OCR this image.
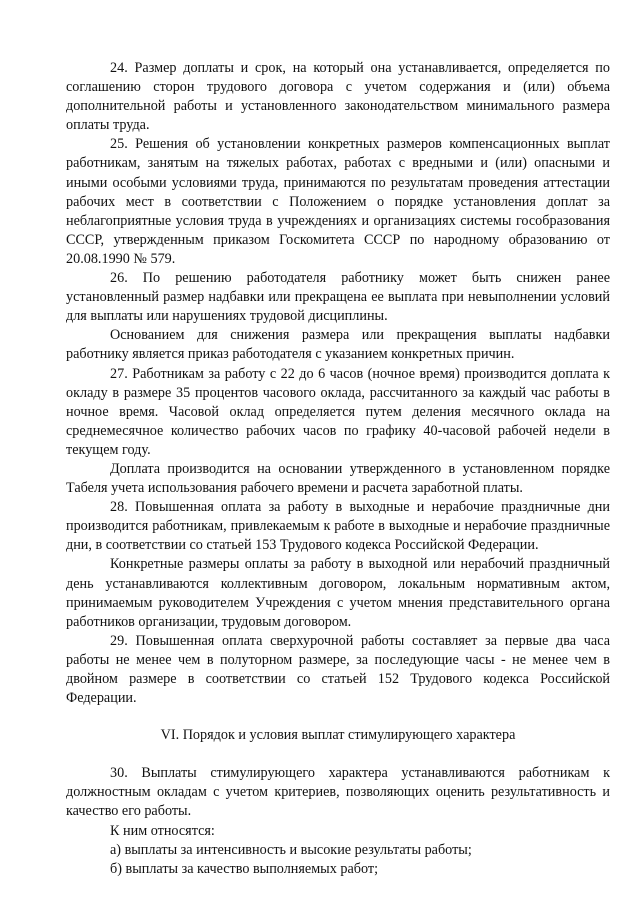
24. Размер доплаты и срок, на который она устанавливается, определяется по соглашению сторон трудового договора с учетом содержания и (или) объема дополнительной работы и установленного законодательством минимального размера оплаты труда.

25. Решения об установлении конкретных размеров компенсационных выплат работникам, занятым на тяжелых работах, работах с вредными и (или) опасными и иными особыми условиями труда, принимаются по результатам проведения аттестации рабочих мест в соответствии с Положением о порядке установления доплат за неблагоприятные условия труда в учреждениях и организациях системы гособразования СССР, утвержденным приказом Госкомитета СССР по народному образованию от 20.08.1990 № 579.

26. По решению работодателя работнику может быть снижен ранее установленный размер надбавки или прекращена ее выплата при невыполнении условий для выплаты или нарушениях трудовой дисциплины.

Основанием для снижения размера или прекращения выплаты надбавки работнику является приказ работодателя с указанием конкретных причин.

27. Работникам за работу с 22 до 6 часов (ночное время) производится доплата к окладу в размере 35 процентов часового оклада, рассчитанного за каждый час работы в ночное время. Часовой оклад определяется путем деления месячного оклада на среднемесячное количество рабочих часов по графику 40-часовой рабочей недели в текущем году.

Доплата производится на основании утвержденного в установленном порядке Табеля учета использования рабочего времени и расчета заработной платы.

28. Повышенная оплата за работу в выходные и нерабочие праздничные дни производится работникам, привлекаемым к работе в выходные и нерабочие праздничные дни, в соответствии со статьей 153 Трудового кодекса Российской Федерации.

Конкретные размеры оплаты за работу в выходной или нерабочий праздничный день устанавливаются коллективным договором, локальным нормативным актом, принимаемым руководителем Учреждения с учетом мнения представительного органа работников организации, трудовым договором.

29. Повышенная оплата сверхурочной работы составляет за первые два часа работы не менее чем в полуторном размере, за последующие часы - не менее чем в двойном размере в соответствии со статьей 152 Трудового кодекса Российской Федерации.

VI. Порядок и условия выплат стимулирующего характера

30. Выплаты стимулирующего характера устанавливаются работникам к должностным окладам с учетом критериев, позволяющих оценить результативность и качество его работы.

К ним относятся:

а) выплаты за интенсивность и высокие результаты работы;

б) выплаты за качество выполняемых работ;
